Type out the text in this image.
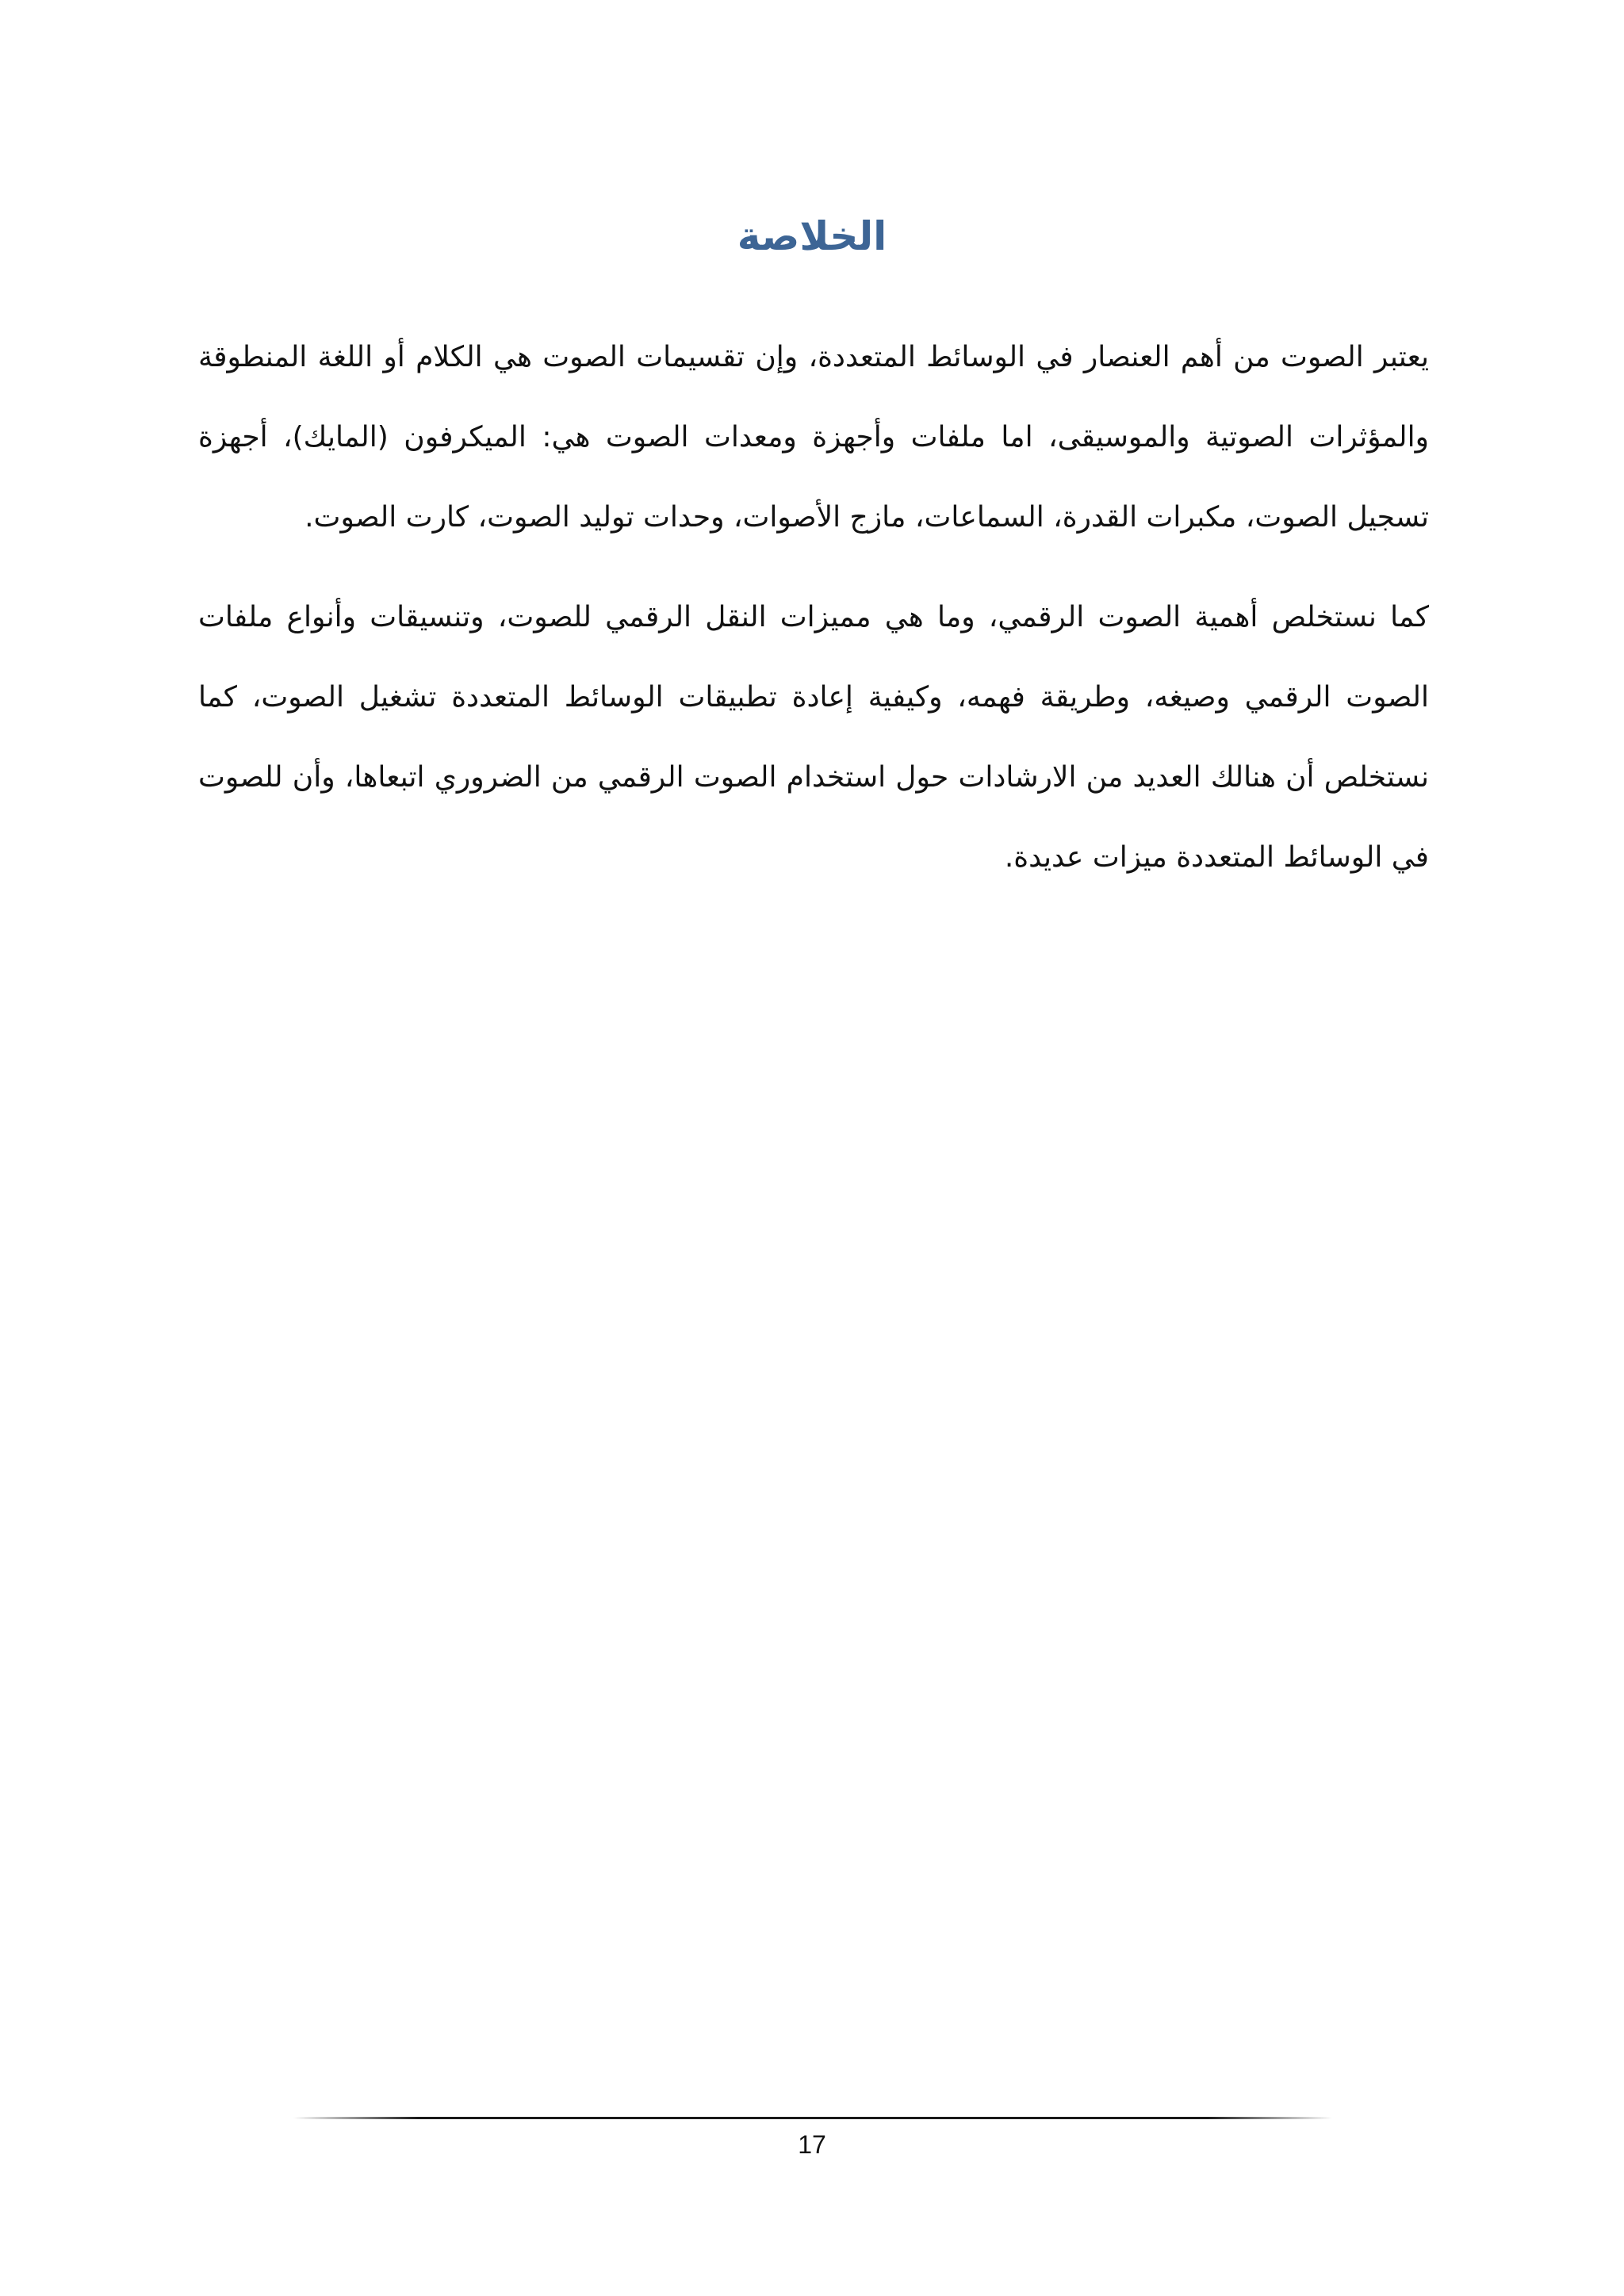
الخلاصة

يعتبر الصوت من أهم العنصار في الوسائط المتعددة، وإن تقسيمات الصوت هي الكلام أو اللغة المنطوقة والمؤثرات الصوتية والموسيقى، اما ملفات وأجهزة ومعدات الصوت هي: الميكرفون (المايك)، أجهزة تسجيل الصوت، مكبرات القدرة، السماعات، مازج الأصوات، وحدات توليد الصوت، كارت الصوت.

كما نستخلص أهمية الصوت الرقمي، وما هي مميزات النقل الرقمي للصوت، وتنسيقات وأنواع ملفات الصوت الرقمي وصيغه، وطريقة فهمه، وكيفية إعادة تطبيقات الوسائط المتعددة تشغيل الصوت، كما نستخلص أن هنالك العديد من الارشادات حول استخدام الصوت الرقمي من الضروري اتبعاها، وأن للصوت في الوسائط المتعددة ميزات عديدة.

17
